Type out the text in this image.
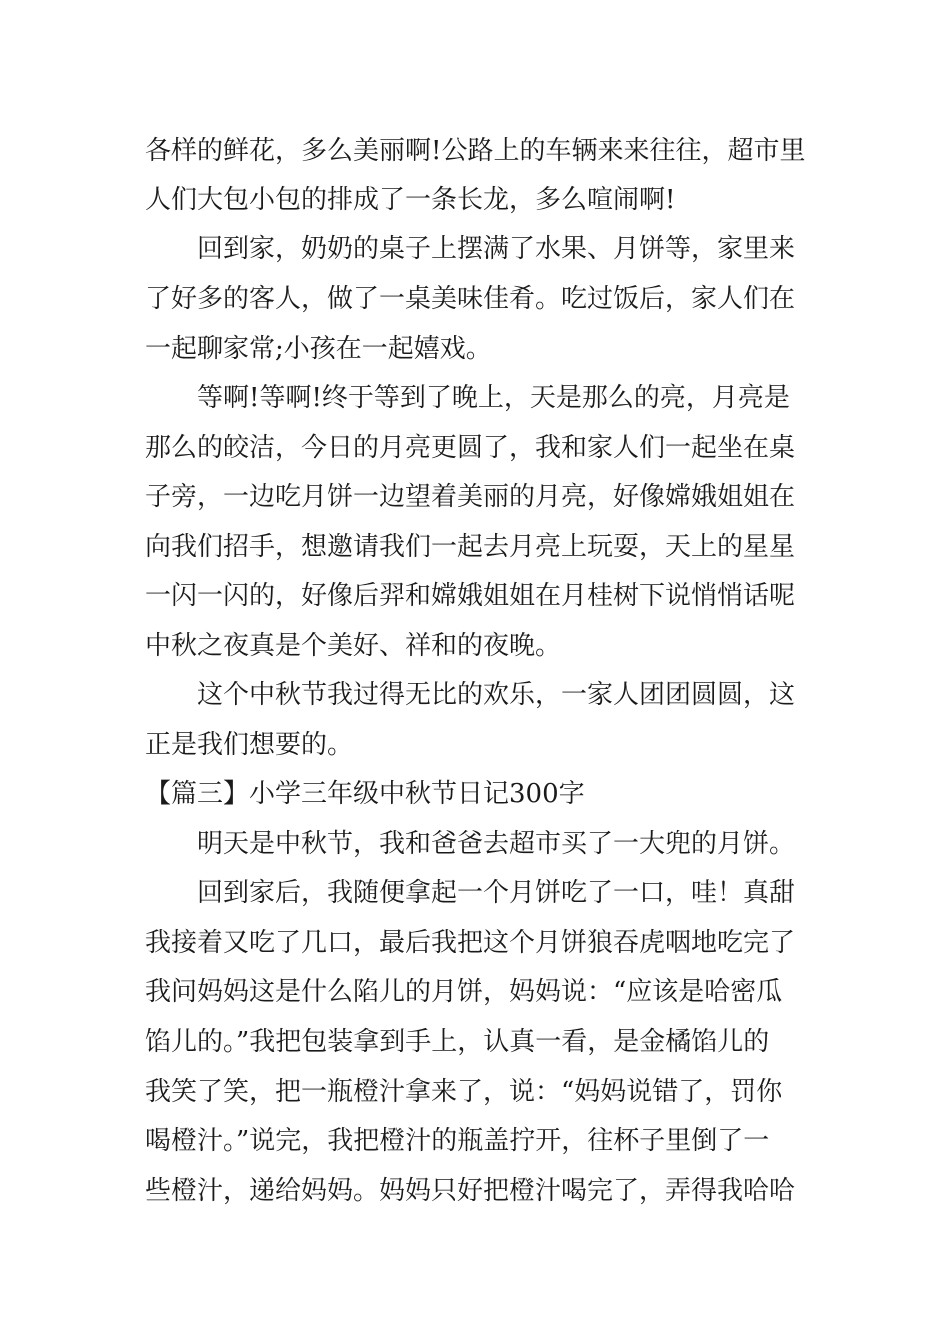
各样的鲜花，多么美丽啊!公路上的车辆来来往往，超市里
人们大包小包的排成了一条长龙，多么喧闹啊!
回到家，奶奶的桌子上摆满了水果、月饼等，家里来
了好多的客人，做了一桌美味佳肴。吃过饭后，家人们在
一起聊家常;小孩在一起嬉戏。
等啊!等啊!终于等到了晚上，天是那么的亮，月亮是
那么的皎洁，今日的月亮更圆了，我和家人们一起坐在桌
子旁，一边吃月饼一边望着美丽的月亮，好像嫦娥姐姐在
向我们招手，想邀请我们一起去月亮上玩耍，天上的星星
一闪一闪的，好像后羿和嫦娥姐姐在月桂树下说悄悄话呢
中秋之夜真是个美好、祥和的夜晚。
这个中秋节我过得无比的欢乐，一家人团团圆圆，这
正是我们想要的。
【篇三】小学三年级中秋节日记300字
明天是中秋节，我和爸爸去超市买了一大兜的月饼。
回到家后，我随便拿起一个月饼吃了一口，哇！真甜
我接着又吃了几口，最后我把这个月饼狼吞虎咽地吃完了
我问妈妈这是什么陷儿的月饼，妈妈说：“应该是哈密瓜
馅儿的。”我把包装拿到手上，认真一看，是金橘馅儿的
我笑了笑，把一瓶橙汁拿来了，说：“妈妈说错了，罚你
喝橙汁。”说完，我把橙汁的瓶盖拧开，往杯子里倒了一
些橙汁，递给妈妈。妈妈只好把橙汁喝完了，弄得我哈哈
